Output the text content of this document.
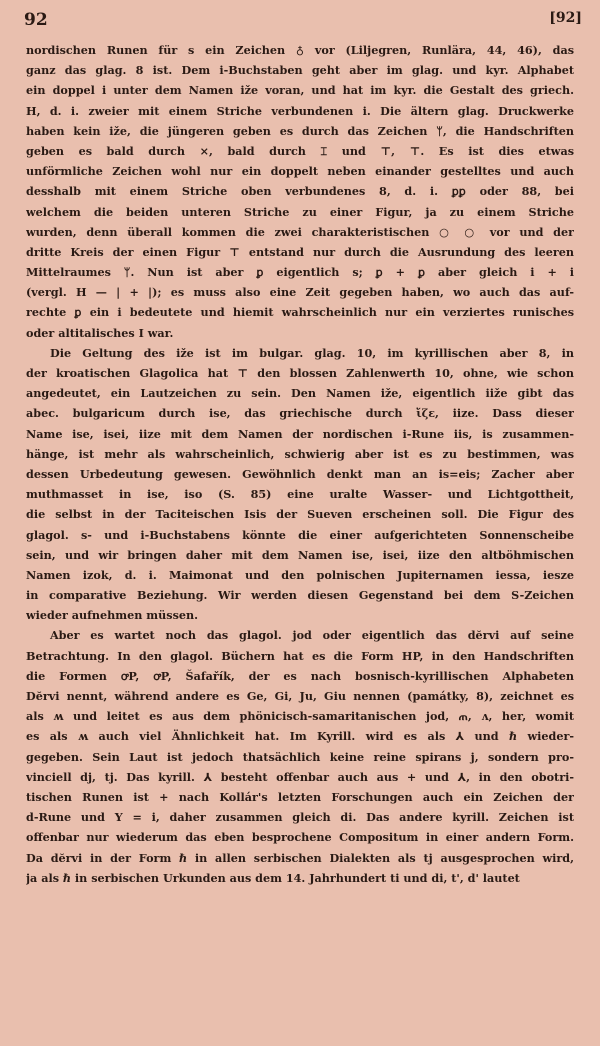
92	[92]
nordischen Runen für s ein Zeichen ♁ vor (Liljegren, Runlära, 44, 46), das
ganz das glag. 8 ist. Dem i-Buchstaben geht aber im glag. und kyr. Alphabet
ein doppel i unter dem Namen iže voran, und hat im kyr. die Gestalt des griech.
H, d. i. zweier mit einem Striche verbundenen i. Die ältern glag. Druckwerke
haben kein iže, die jüngeren geben es durch das Zeichen ᛘ, die Handschriften
geben es bald durch ⨯, bald durch ⌶ und ⊤, ⊤. Es ist dies etwas
unförmliche Zeichen wohl nur ein doppelt neben einander gestelltes und auch
desshalb mit einem Striche oben verbundenes 8, d. i. ꝑꝑ oder 88, bei
welchem die beiden unteren Striche zu einer Figur, ja zu einem Striche
wurden, denn überall kommen die zwei charakteristischen ○ ○ vor und der
dritte Kreis der einen Figur ⊤ entstand nur durch die Ausrundung des leeren
Mittelraumes ᛘ. Nun ist aber ꝑ eigentlich s; ꝑ + ꝑ aber gleich i + i
(vergl. H — | + |); es muss also eine Zeit gegeben haben, wo auch das auf-
rechte ꝑ ein i bedeutete und hiemit wahrscheinlich nur ein verziertes runisches
oder altitalisches I war.
Die Geltung des iže ist im bulgar. glag. 10, im kyrillischen aber 8, in
der kroatischen Glagolica hat ⊤ den blossen Zahlenwerth 10, ohne, wie schon
angedeutet, ein Lautzeichen zu sein. Den Namen iže, eigentlich iiže gibt das
abec. bulgaricum durch ise, das griechische durch ἴζε, iize. Dass dieser
Name ise, isei, iize mit dem Namen der nordischen i-Rune iis, is zusammen-
hänge, ist mehr als wahrscheinlich, schwierig aber ist es zu bestimmen, was
dessen Urbedeutung gewesen. Gewöhnlich denkt man an is=eis; Zacher aber
muthmasset in ise, iso (S. 85) eine uralte Wasser- und Lichtgottheit,
die selbst in der Taciteischen Isis der Sueven erscheinen soll. Die Figur des
glagol. s- und i-Buchstabens könnte die einer aufgerichteten Sonnenscheibe
sein, und wir bringen daher mit dem Namen ise, isei, iize den altböhmischen
Namen izok, d. i. Maimonat und den polnischen Jupiternamen iessa, iesze
in comparative Beziehung. Wir werden diesen Gegenstand bei dem S-Zeichen
wieder aufnehmen müssen.
Aber es wartet noch das glagol. jod oder eigentlich das dĕrvi auf seine
Betrachtung. In den glagol. Büchern hat es die Form HP, in den Handschriften
die Formen ꝍP, ꝍP, Šafařík, der es nach bosnisch-kyrillischen Alphabeten
Dĕrvi nennt, während andere es Ge, Gi, Ju, Giu nennen (památky, 8), zeichnet es
als ʍ und leitet es aus dem phönicisch-samaritanischen jod, ጠ, ʌ, her, womit
es als ʍ auch viel Ähnlichkeit hat. Im Kyrill. wird es als ⅄ und ℏ wieder-
gegeben. Sein Laut ist jedoch thatsächlich keine reine spirans j, sondern pro-
vinciell dj, tj. Das kyrill. ⅄ besteht offenbar auch aus + und ⅄, in den obotri-
tischen Runen ist + nach Kollár's letzten Forschungen auch ein Zeichen der
d-Rune und Y = i, daher zusammen gleich di. Das andere kyrill. Zeichen ist
offenbar nur wiederum das eben besprochene Compositum in einer andern Form.
Da dĕrvi in der Form ℏ in allen serbischen Dialekten als tj ausgesprochen wird,
ja als ℏ in serbischen Urkunden aus dem 14. Jahrhundert ti und di, t', d' lautet
